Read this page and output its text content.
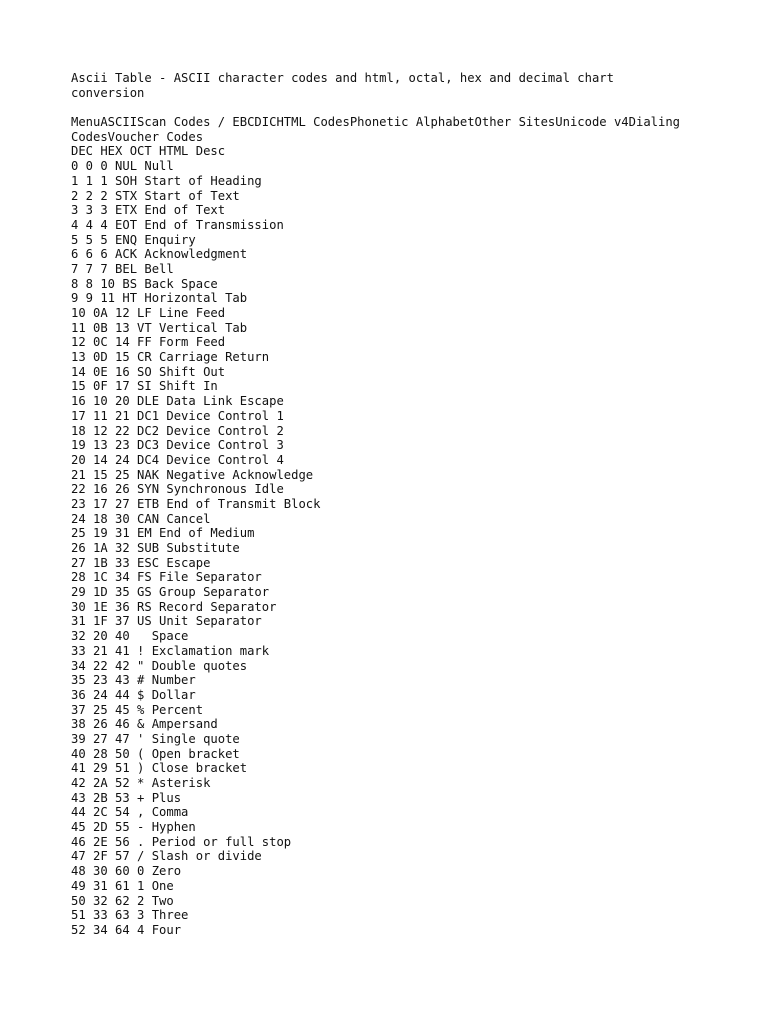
Ascii Table - ASCII character codes and html, octal, hex and decimal chart
conversion
MenuASCIIScan Codes / EBCDICHTML CodesPhonetic AlphabetOther SitesUnicode v4Dialing
CodesVoucher Codes
DEC HEX OCT HTML Desc
0 0 0 NUL Null
1 1 1 SOH Start of Heading
2 2 2 STX Start of Text
3 3 3 ETX End of Text
4 4 4 EOT End of Transmission
5 5 5 ENQ Enquiry
6 6 6 ACK Acknowledgment
7 7 7 BEL Bell
8 8 10 BS Back Space
9 9 11 HT Horizontal Tab
10 0A 12 LF Line Feed
11 0B 13 VT Vertical Tab
12 0C 14 FF Form Feed
13 0D 15 CR Carriage Return
14 0E 16 SO Shift Out
15 0F 17 SI Shift In
16 10 20 DLE Data Link Escape
17 11 21 DC1 Device Control 1
18 12 22 DC2 Device Control 2
19 13 23 DC3 Device Control 3
20 14 24 DC4 Device Control 4
21 15 25 NAK Negative Acknowledge
22 16 26 SYN Synchronous Idle
23 17 27 ETB End of Transmit Block
24 18 30 CAN Cancel
25 19 31 EM End of Medium
26 1A 32 SUB Substitute
27 1B 33 ESC Escape
28 1C 34 FS File Separator
29 1D 35 GS Group Separator
30 1E 36 RS Record Separator
31 1F 37 US Unit Separator
32 20 40   Space
33 21 41 ! Exclamation mark
34 22 42 " Double quotes
35 23 43 # Number
36 24 44 $ Dollar
37 25 45 % Percent
38 26 46 & Ampersand
39 27 47 ' Single quote
40 28 50 ( Open bracket
41 29 51 ) Close bracket
42 2A 52 * Asterisk
43 2B 53 + Plus
44 2C 54 , Comma
45 2D 55 - Hyphen
46 2E 56 . Period or full stop
47 2F 57 / Slash or divide
48 30 60 0 Zero
49 31 61 1 One
50 32 62 2 Two
51 33 63 3 Three
52 34 64 4 Four
